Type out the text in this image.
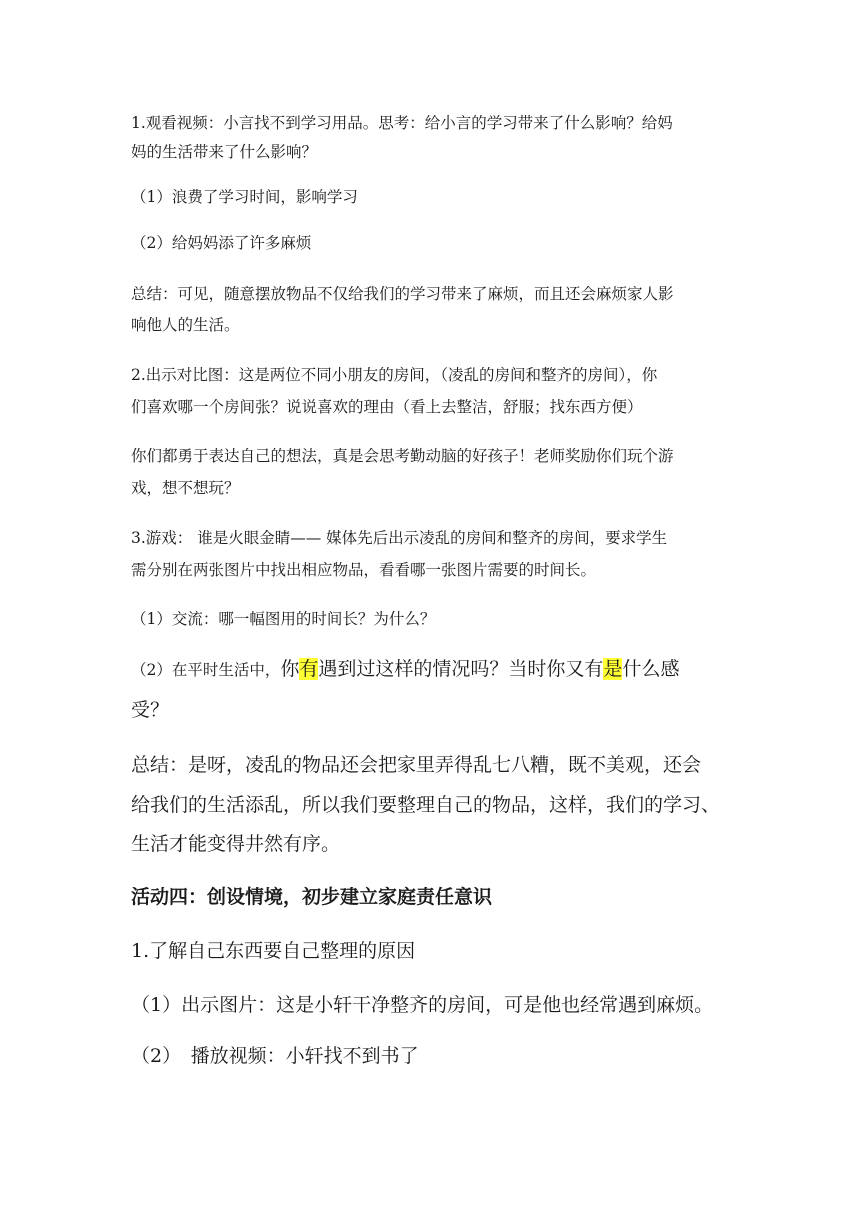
1.观看视频：小言找不到学习用品。思考：给小言的学习带来了什么影响？给妈
妈的生活带来了什么影响？
（1）浪费了学习时间，影响学习
（2）给妈妈添了许多麻烦
总结：可见，随意摆放物品不仅给我们的学习带来了麻烦，而且还会麻烦家人影
响他人的生活。
2.出示对比图：这是两位不同小朋友的房间，（凌乱的房间和整齐的房间），你
们喜欢哪一个房间张？说说喜欢的理由（看上去整洁，舒服；找东西方便）
你们都勇于表达自己的想法，真是会思考勤动脑的好孩子！老师奖励你们玩个游
戏，想不想玩？
3.游戏： 谁是火眼金睛—— 媒体先后出示凌乱的房间和整齐的房间，要求学生
需分别在两张图片中找出相应物品，看看哪一张图片需要的时间长。
（1）交流：哪一幅图用的时间长？为什么？
（2）在平时生活中，你有遇到过这样的情况吗？当时你又有是什么感
受？
总结：是呀，凌乱的物品还会把家里弄得乱七八糟，既不美观，还会
给我们的生活添乱，所以我们要整理自己的物品，这样，我们的学习、
生活才能变得井然有序。
活动四：创设情境，初步建立家庭责任意识
1.了解自己东西要自己整理的原因
（1）出示图片：这是小轩干净整齐的房间，可是他也经常遇到麻烦。
（2）　播放视频：小轩找不到书了
